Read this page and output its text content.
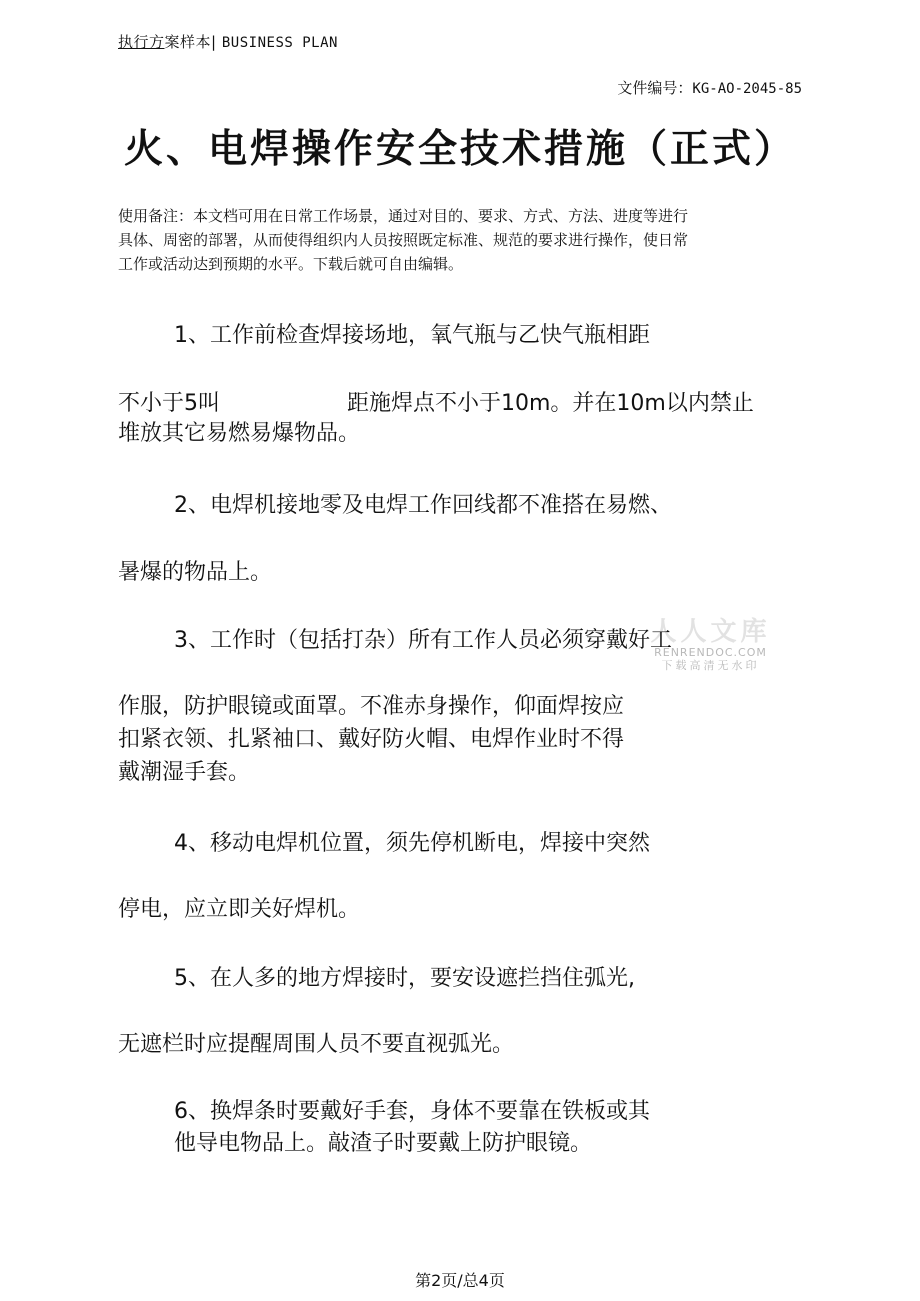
执行方案样本| BUSINESS PLAN
文件编号：KG-AO-2045-85
火、电焊操作安全技术措施（正式）
使用备注：本文档可用在日常工作场景，通过对目的、要求、方式、方法、进度等进行
具体、周密的部署，从而使得组织内人员按照既定标准、规范的要求进行操作，使日常
工作或活动达到预期的水平。下载后就可自由编辑。
1、工作前检查焊接场地，氧气瓶与乙快气瓶相距
不小于5叫	距施焊点不小于10m。并在10m以内禁止
堆放其它易燃易爆物品。
2、电焊机接地零及电焊工作回线都不准搭在易燃、
暑爆的物品上。
人人文库
RENRENDOC.COM
下载高清无水印
3、工作时（包括打杂）所有工作人员必须穿戴好工
作服，防护眼镜或面罩。不准赤身操作，仰面焊按应
扣紧衣领、扎紧袖口、戴好防火帽、电焊作业时不得
戴潮湿手套。
4、移动电焊机位置，须先停机断电，焊接中突然
停电，应立即关好焊机。
5、在人多的地方焊接时，要安设遮拦挡住弧光,
无遮栏时应提醒周围人员不要直视弧光。
6、换焊条时要戴好手套，身体不要靠在铁板或其
他导电物品上。敲渣子时要戴上防护眼镜。
第2页/总4页
